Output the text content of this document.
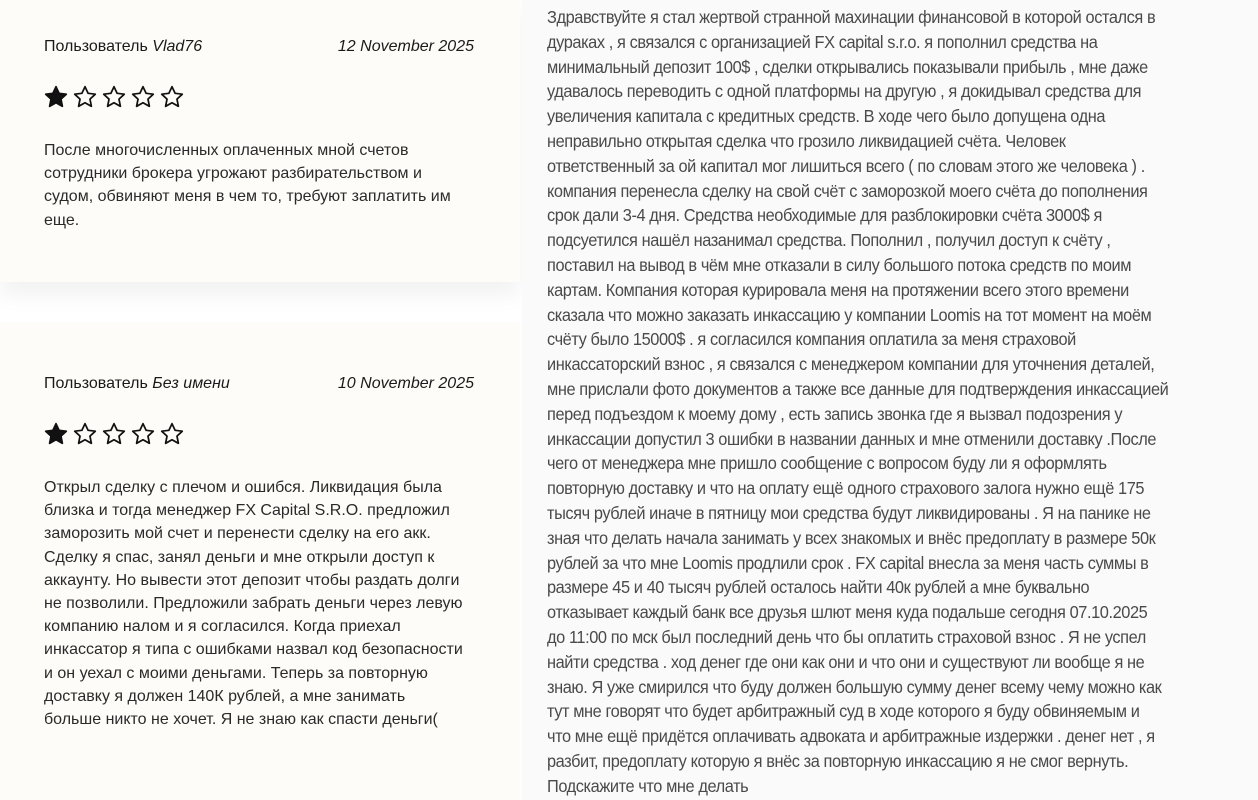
Пользователь Vlad76	12 November 2025
После многочисленных оплаченных мной счетов сотрудники брокера угрожают разбирательством и судом, обвиняют меня в чем то, требуют заплатить им еще.
Пользователь Без имени	10 November 2025
Открыл сделку с плечом и ошибся. Ликвидация была близка и тогда менеджер FX Capital S.R.O. предложил заморозить мой счет и перенести сделку на его акк. Сделку я спас, занял деньги и мне открыли доступ к аккаунту. Но вывести этот депозит чтобы раздать долги не позволили. Предложили забрать деньги через левую компанию налом и я согласился. Когда приехал инкассатор я типа с ошибками назвал код безопасности и он уехал с моими деньгами. Теперь за повторную доставку я должен 140К рублей, а мне занимать больше никто не хочет. Я не знаю как спасти деньги(
Здравствуйте я стал жертвой странной махинации финансовой в которой остался в
дураках , я связался с организацией FX capital s.r.o. я пополнил средства на
минимальный депозит 100$ , сделки открывались показывали прибыль , мне даже
удавалось переводить с одной платформы на другую , я докидывал средства для
увеличения капитала с кредитных средств. В ходе чего было допущена одна
неправильно открытая сделка что грозило ликвидацией счёта. Человек
ответственный за ой капитал мог лишиться всего ( по словам этого же человека ) .
компания перенесла сделку на свой счёт с заморозкой моего счёта до пополнения
срок дали 3-4 дня. Средства необходимые для разблокировки счёта 3000$ я
подсуетился нашёл назанимал средства. Пополнил , получил доступ к счёту ,
поставил на вывод в чём мне отказали в силу большого потока средств по моим
картам. Компания которая курировала меня на протяжении всего этого времени
сказала что можно заказать инкассацию у компании Loomis на тот момент на моём
счёту было 15000$ . я согласился компания оплатила за меня страховой
инкассаторский взнос , я связался с менеджером компании для уточнения деталей,
мне прислали фото документов а также все данные для подтверждения инкассацией
перед подъездом к моему дому , есть запись звонка где я вызвал подозрения у
инкассации допустил 3 ошибки в названии данных и мне отменили доставку .После
чего от менеджера мне пришло сообщение с вопросом буду ли я оформлять
повторную доставку и что на оплату ещё одного страхового залога нужно ещё 175
тысяч рублей иначе в пятницу мои средства будут ликвидированы . Я на панике не
зная что делать начала занимать у всех знакомых и внёс предоплату в размере 50к
рублей за что мне Loomis продлили срок . FX capital внесла за меня часть суммы в
размере 45 и 40 тысяч рублей осталось найти 40к рублей а мне буквально
отказывает каждый банк все друзья шлют меня куда подальше сегодня 07.10.2025
до 11:00 по мск был последний день что бы оплатить страховой взнос . Я не успел
найти средства . ход денег где они как они и что они и существуют ли вообще я не
знаю. Я уже смирился что буду должен большую сумму денег всему чему можно как
тут мне говорят что будет арбитражный суд в ходе которого я буду обвиняемым и
что мне ещё придётся оплачивать адвоката и арбитражные издержки . денег нет , я
разбит, предоплату которую я внёс за повторную инкассацию я не смог вернуть.
Подскажите что мне делать
